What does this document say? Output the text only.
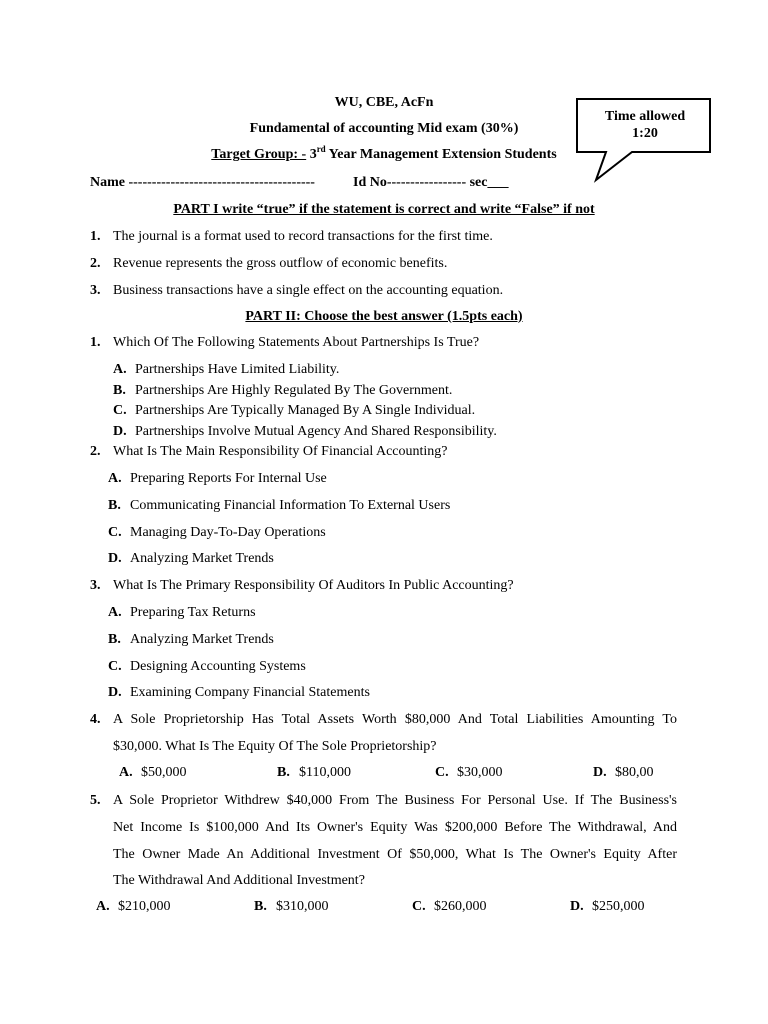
WU, CBE, AcFn
Fundamental of accounting Mid exam (30%)
Target Group: - 3rd Year Management Extension Students
Name ----------------------------------------	Id No----------------- sec___
Time allowed
1:20
PART I write “true” if the statement is correct and write “False” if not
1. The journal is a format used to record transactions for the first time.
2. Revenue represents the gross outflow of economic benefits.
3. Business transactions have a single effect on the accounting equation.
PART II: Choose the best answer (1.5pts each)
1. Which Of The Following Statements About Partnerships Is True?
A. Partnerships Have Limited Liability.
B. Partnerships Are Highly Regulated By The Government.
C. Partnerships Are Typically Managed By A Single Individual.
D. Partnerships Involve Mutual Agency And Shared Responsibility.
2. What Is The Main Responsibility Of Financial Accounting?
A. Preparing Reports For Internal Use
B. Communicating Financial Information To External Users
C. Managing Day-To-Day Operations
D. Analyzing Market Trends
3. What Is The Primary Responsibility Of Auditors In Public Accounting?
A. Preparing Tax Returns
B. Analyzing Market Trends
C. Designing Accounting Systems
D. Examining Company Financial Statements
4. A Sole Proprietorship Has Total Assets Worth $80,000 And Total Liabilities Amounting To
$30,000. What Is The Equity Of The Sole Proprietorship?
A. $50,000	B. $110,000	C. $30,000	D. $80,00
5. A Sole Proprietor Withdrew $40,000 From The Business For Personal Use. If The Business's
Net Income Is $100,000 And Its Owner's Equity Was $200,000 Before The Withdrawal, And
The Owner Made An Additional Investment Of $50,000, What Is The Owner's Equity After
The Withdrawal And Additional Investment?
A. $210,000	B. $310,000	C. $260,000	D. $250,000
